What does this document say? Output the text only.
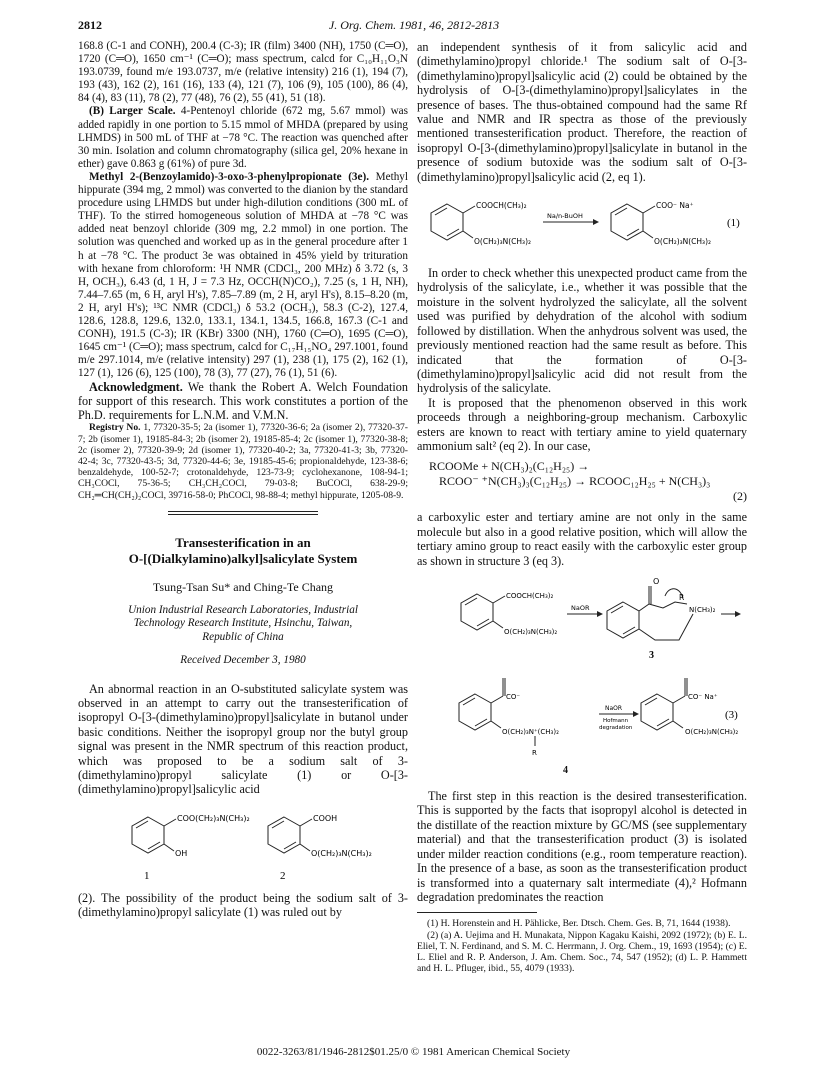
2812	J. Org. Chem. 1981, 46, 2812-2813

168.8 (C-1 and CONH), 200.4 (C-3); IR (film) 3400 (NH), 1750 (C═O), 1720 (C═O), 1650 cm⁻¹ (C═O); mass spectrum, calcd for C₁₀H₁₁O₃N 193.0739, found m/e 193.0737, m/e (relative intensity) 216 (1), 194 (7), 193 (43), 162 (2), 161 (16), 133 (4), 121 (7), 106 (9), 105 (100), 86 (4), 84 (4), 83 (11), 78 (2), 77 (48), 76 (2), 55 (41), 51 (18).

(B) Larger Scale. 4-Pentenoyl chloride (672 mg, 5.67 mmol) was added rapidly in one portion to 5.15 mmol of MHDA (prepared by using LHMDS) in 500 mL of THF at −78 °C. The reaction was quenched after 30 min. Isolation and column chromatography (silica gel, 20% hexane in ether) gave 0.863 g (61%) of pure 3d.

Methyl 2-(Benzoylamido)-3-oxo-3-phenylpropionate (3e). Methyl hippurate (394 mg, 2 mmol) was converted to the dianion by the standard procedure using LHMDS but under high-dilution conditions (300 mL of THF). To the stirred homogeneous solution of MHDA at −78 °C was added neat benzoyl chloride (309 mg, 2.2 mmol) in one portion. The solution was quenched and worked up as in the general procedure after 1 h at −78 °C. The product 3e was obtained in 45% yield by trituration with hexane from chloroform: ¹H NMR (CDCl₃, 200 MHz) δ 3.72 (s, 3 H, OCH₃), 6.43 (d, 1 H, J = 7.3 Hz, OCCH(N)CO₂), 7.25 (s, 1 H, NH), 7.44–7.65 (m, 6 H, aryl H's), 7.85–7.89 (m, 2 H, aryl H's), 8.15–8.20 (m, 2 H, aryl H's); ¹³C NMR (CDCl₃) δ 53.2 (OCH₃), 58.3 (C-2), 127.4, 128.6, 128.8, 129.6, 132.0, 133.1, 134.1, 134.5, 166.8, 167.3 (C-1 and CONH), 191.5 (C-3); IR (KBr) 3300 (NH), 1760 (C═O), 1695 (C═O), 1645 cm⁻¹ (C═O); mass spectrum, calcd for C₁₇H₁₅NO₄ 297.1001, found m/e 297.1014, m/e (relative intensity) 297 (1), 238 (1), 175 (2), 162 (1), 127 (1), 126 (6), 125 (100), 78 (3), 77 (27), 76 (1), 51 (6).

Acknowledgment. We thank the Robert A. Welch Foundation for support of this research. This work constitutes a portion of the Ph.D. requirements for L.N.M. and V.M.N.

Registry No. 1, 77320-35-5; 2a (isomer 1), 77320-36-6; 2a (isomer 2), 77320-37-7; 2b (isomer 1), 19185-84-3; 2b (isomer 2), 19185-85-4; 2c (isomer 1), 77320-38-8; 2c (isomer 2), 77320-39-9; 2d (isomer 1), 77320-40-2; 3a, 77320-41-3; 3b, 77320-42-4; 3c, 77320-43-5; 3d, 77320-44-6; 3e, 19185-45-6; propionaldehyde, 123-38-6; benzaldehyde, 100-52-7; crotonaldehyde, 123-73-9; cyclohexanone, 108-94-1; CH₃COCl, 75-36-5; CH₃CH₂COCl, 79-03-8; BuCOCl, 638-29-9; CH₂═CH(CH₂)₂COCl, 39716-58-0; PhCOCl, 98-88-4; methyl hippurate, 1205-08-9.

Transesterification in an
O-[(Dialkylamino)alkyl]salicylate System
Tsung-Tsan Su* and Ching-Te Chang
Union Industrial Research Laboratories, Industrial
Technology Research Institute, Hsinchu, Taiwan,
Republic of China
Received December 3, 1980

An abnormal reaction in an O-substituted salicylate system was observed in an attempt to carry out the transesterification of isopropyl O-[3-(dimethylamino)propyl]salicylate in butanol under basic conditions. Neither the isopropyl group nor the butyl group signal was present in the NMR spectrum of this reaction product, which was proposed to be a sodium salt of 3-(dimethylamino)propyl salicylate (1) or O-[3-(dimethylamino)propyl]salicylic acid

COO(CH₂)₃N(CH₃)₂
OH
1
COOH
O(CH₂)₃N(CH₃)₂
2

(2). The possibility of the product being the sodium salt of 3-(dimethylamino)propyl salicylate (1) was ruled out by

an independent synthesis of it from salicylic acid and (dimethylamino)propyl chloride.¹ The sodium salt of O-[3-(dimethylamino)propyl]salicylic acid (2) could be obtained by the hydrolysis of O-[3-(dimethylamino)propyl]salicylates in the presence of bases. The thus-obtained compound had the same Rf value and NMR and IR spectra as those of the previously mentioned transesterification product. Therefore, the reaction of isopropyl O-[3-(dimethylamino)propyl]salicylate in butanol in the presence of sodium butoxide was the sodium salt of O-[3-(dimethylamino)propyl]salicylic acid (2, eq 1).

COOCH(CH₃)₂
O(CH₂)₃N(CH₃)₂
Na/n-BuOH
COO⁻ Na⁺
O(CH₂)₃N(CH₃)₂
(1)

In order to check whether this unexpected product came from the hydrolysis of the salicylate, i.e., whether it was possible that the moisture in the solvent hydrolyzed the salicylate, all the solvent used was purified by dehydration of the alcohol with sodium followed by distillation. When the anhydrous solvent was used, the previously mentioned reaction had the same result as before. This indicated that the formation of O-[3-(dimethylamino)propyl]salicylic acid did not result from the hydrolysis of the salicylate.

It is proposed that the phenomenon observed in this work proceeds through a neighboring-group mechanism. Carboxylic esters are known to react with tertiary amine to yield quaternary ammonium salt² (eq 2). In our case,

RCOOMe + N(CH₃)₂(C₁₂H₂₅) →
RCOO⁻ ⁺N(CH₃)₃(C₁₂H₂₅) → RCOOC₁₂H₂₅ + N(CH₃)₃
(2)

a carboxylic ester and tertiary amine are not only in the same molecule but also in a good relative position, which will allow the tertiary amino group to react easily with the carboxylic ester group as shown in structure 3 (eq 3).

COOCH(CH₃)₂
O(CH₂)₃N(CH₃)₂
NaOR
O
R
N(CH₃)₂
3
CO⁻
O(CH₂)₃N⁺(CH₃)₂
R
NaOR
Hofmann
degradation
CO⁻ Na⁺
O(CH₂)₃N(CH₃)₂
(3)
4

The first step in this reaction is the desired transesterification. This is supported by the facts that isopropyl alcohol is detected in the distillate of the reaction mixture by GC/MS (see supplementary material) and that the transesterification product (3) is isolated under milder reaction conditions (e.g., room temperature reaction). In the presence of a base, as soon as the transesterification product is transformed into a quaternary salt intermediate (4),² Hofmann degradation predominates the reaction

(1) H. Horenstein and H. Pählicke, Ber. Dtsch. Chem. Ges. B, 71, 1644 (1938).

(2) (a) A. Uejima and H. Munakata, Nippon Kagaku Kaishi, 2092 (1972); (b) E. L. Eliel, T. N. Ferdinand, and S. M. C. Herrmann, J. Org. Chem., 19, 1693 (1954); (c) E. L. Eliel and R. P. Anderson, J. Am. Chem. Soc., 74, 547 (1952); (d) L. P. Hammett and H. L. Pfluger, ibid., 55, 4079 (1933).

0022-3263/81/1946-2812$01.25/0 © 1981 American Chemical Society
